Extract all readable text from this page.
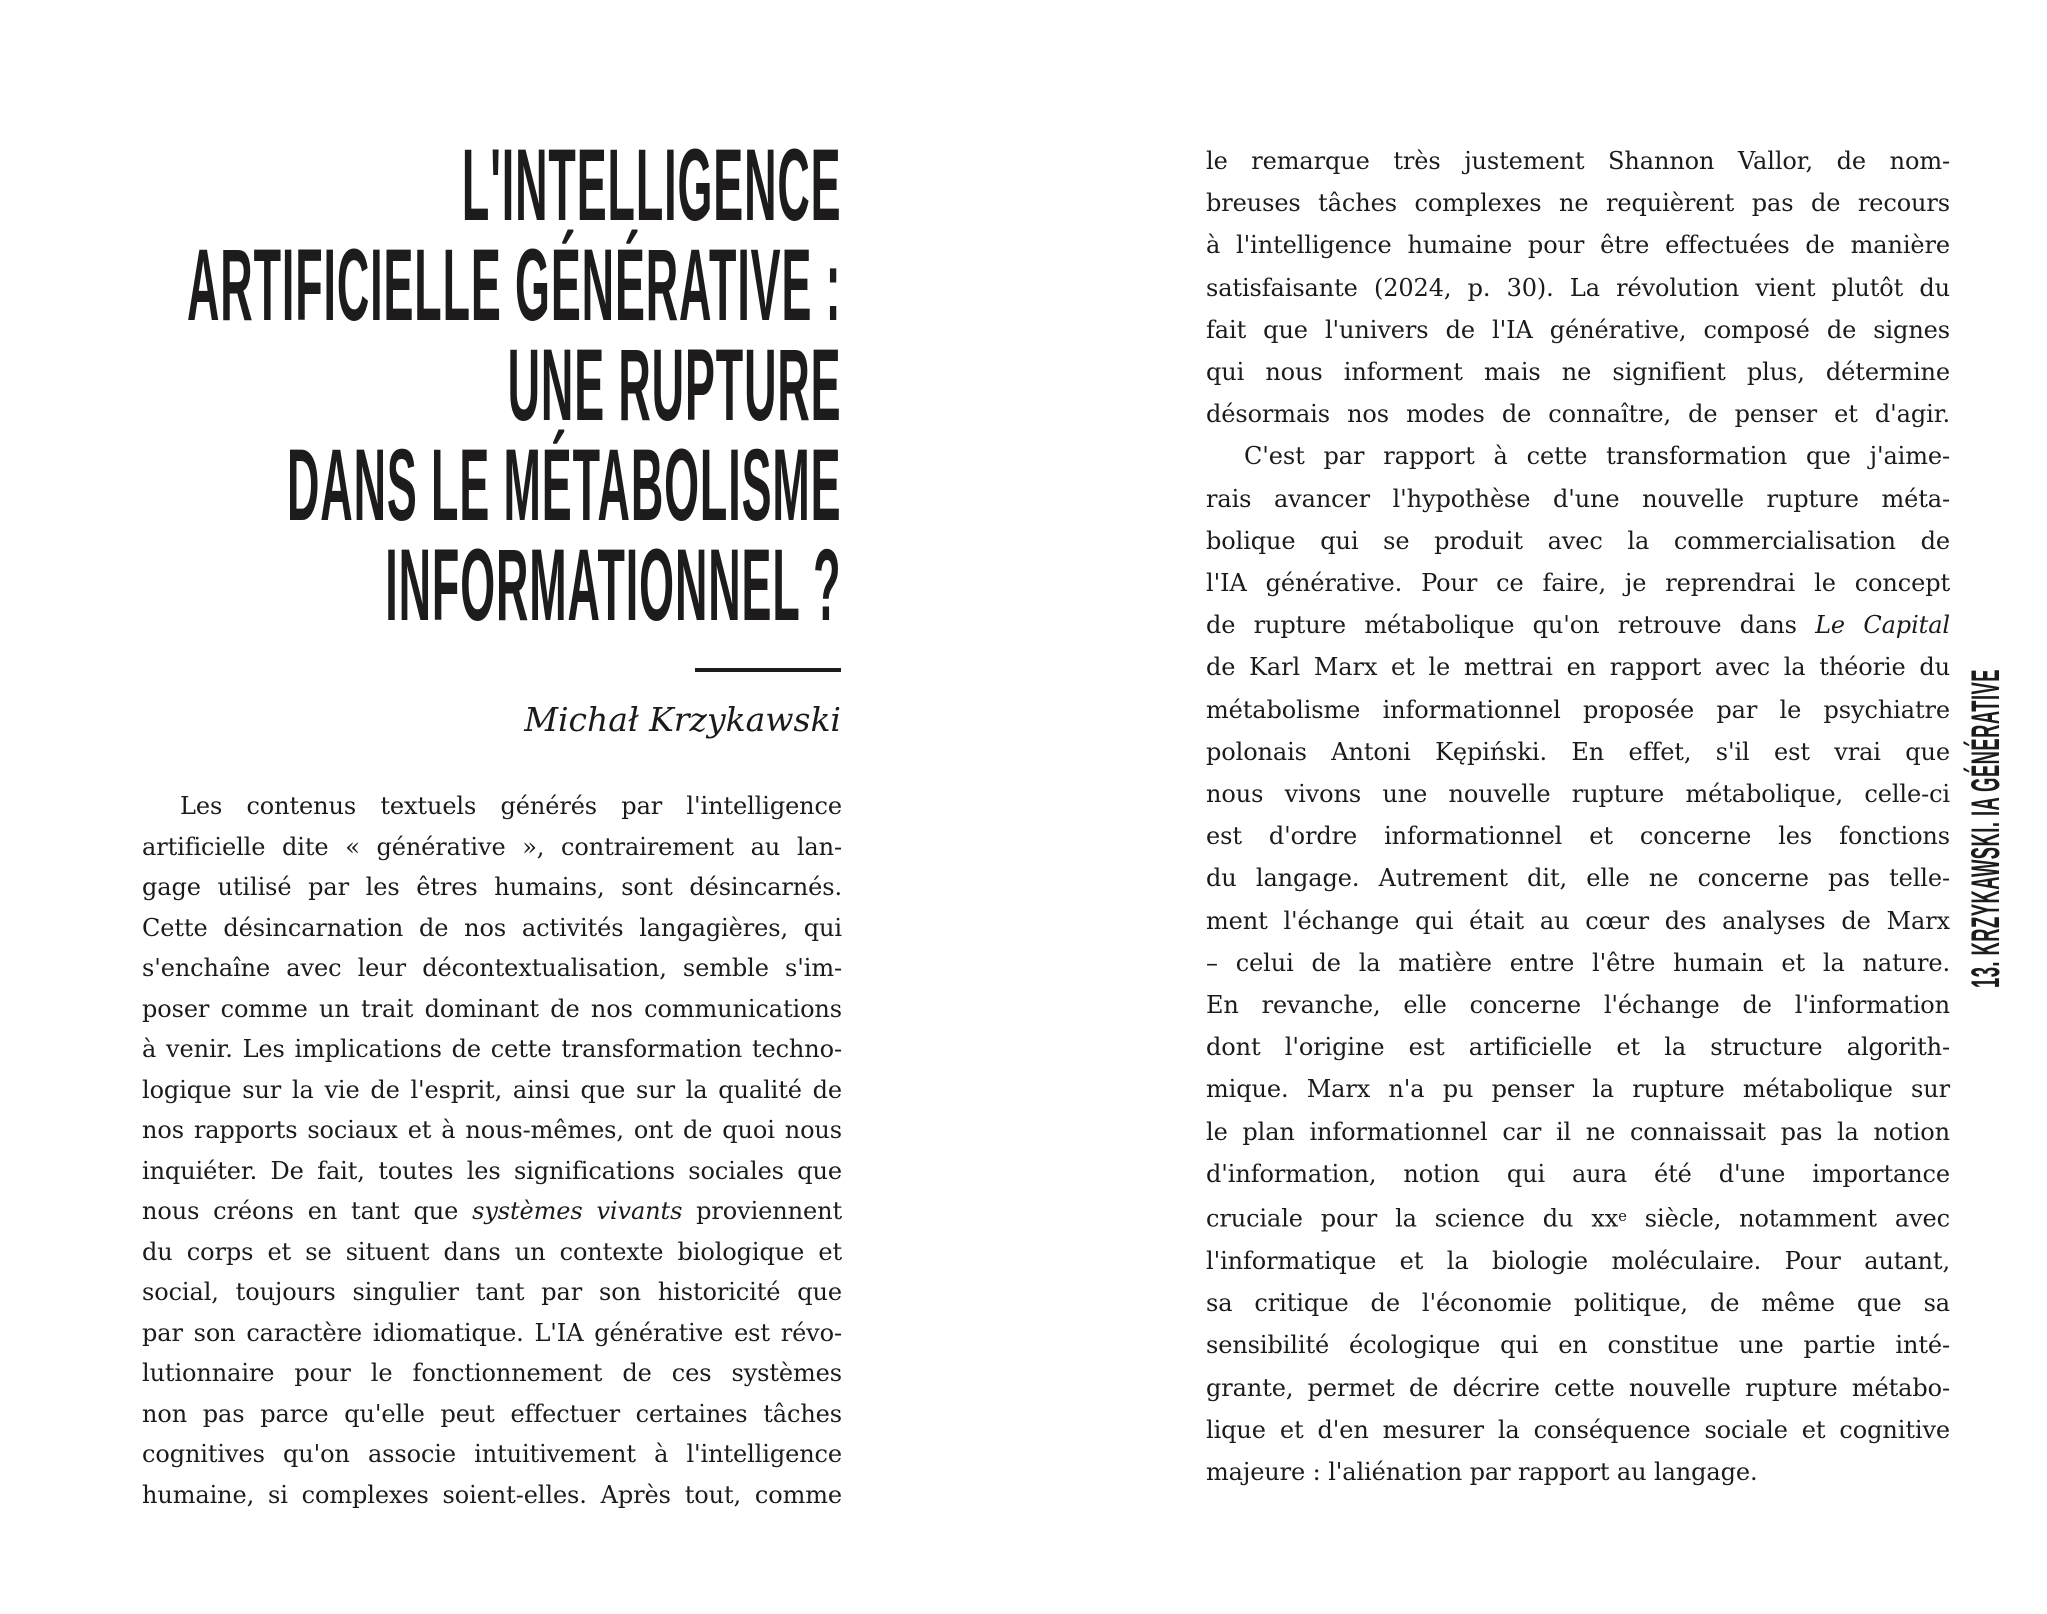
L'INTELLIGENCE
ARTIFICIELLE GÉNÉRATIVE :
UNE RUPTURE
DANS LE MÉTABOLISME
INFORMATIONNEL ?
Michał Krzykawski
Les contenus textuels générés par l'intelligence
artificielle dite « générative », contrairement au lan-
gage utilisé par les êtres humains, sont désincarnés.
Cette désincarnation de nos activités langagières, qui
s'enchaîne avec leur décontextualisation, semble s'im-
poser comme un trait dominant de nos communications
à venir. Les implications de cette transformation techno-
logique sur la vie de l'esprit, ainsi que sur la qualité de
nos rapports sociaux et à nous-mêmes, ont de quoi nous
inquiéter. De fait, toutes les significations sociales que
nous créons en tant que systèmes vivants proviennent
du corps et se situent dans un contexte biologique et
social, toujours singulier tant par son historicité que
par son caractère idiomatique. L'IA générative est révo-
lutionnaire pour le fonctionnement de ces systèmes
non pas parce qu'elle peut effectuer certaines tâches
cognitives qu'on associe intuitivement à l'intelligence
humaine, si complexes soient-elles. Après tout, comme
le remarque très justement Shannon Vallor, de nom-
breuses tâches complexes ne requièrent pas de recours
à l'intelligence humaine pour être effectuées de manière
satisfaisante (2024, p. 30). La révolution vient plutôt du
fait que l'univers de l'IA générative, composé de signes
qui nous informent mais ne signifient plus, détermine
désormais nos modes de connaître, de penser et d'agir.
C'est par rapport à cette transformation que j'aime-
rais avancer l'hypothèse d'une nouvelle rupture méta-
bolique qui se produit avec la commercialisation de
l'IA générative. Pour ce faire, je reprendrai le concept
de rupture métabolique qu'on retrouve dans Le Capital
de Karl Marx et le mettrai en rapport avec la théorie du
métabolisme informationnel proposée par le psychiatre
polonais Antoni Kępiński. En effet, s'il est vrai que
nous vivons une nouvelle rupture métabolique, celle-ci
est d'ordre informationnel et concerne les fonctions
du langage. Autrement dit, elle ne concerne pas telle-
ment l'échange qui était au cœur des analyses de Marx
– celui de la matière entre l'être humain et la nature.
En revanche, elle concerne l'échange de l'information
dont l'origine est artificielle et la structure algorith-
mique. Marx n'a pu penser la rupture métabolique sur
le plan informationnel car il ne connaissait pas la notion
d'information, notion qui aura été d'une importance
cruciale pour la science du $xx^e$ siècle, notamment avec
l'informatique et la biologie moléculaire. Pour autant,
sa critique de l'économie politique, de même que sa
sensibilité écologique qui en constitue une partie inté-
grante, permet de décrire cette nouvelle rupture métabo-
lique et d'en mesurer la conséquence sociale et cognitive
majeure : l'aliénation par rapport au langage.
13. KRZYKAWSKI. IA GÉNÉRATIVE
